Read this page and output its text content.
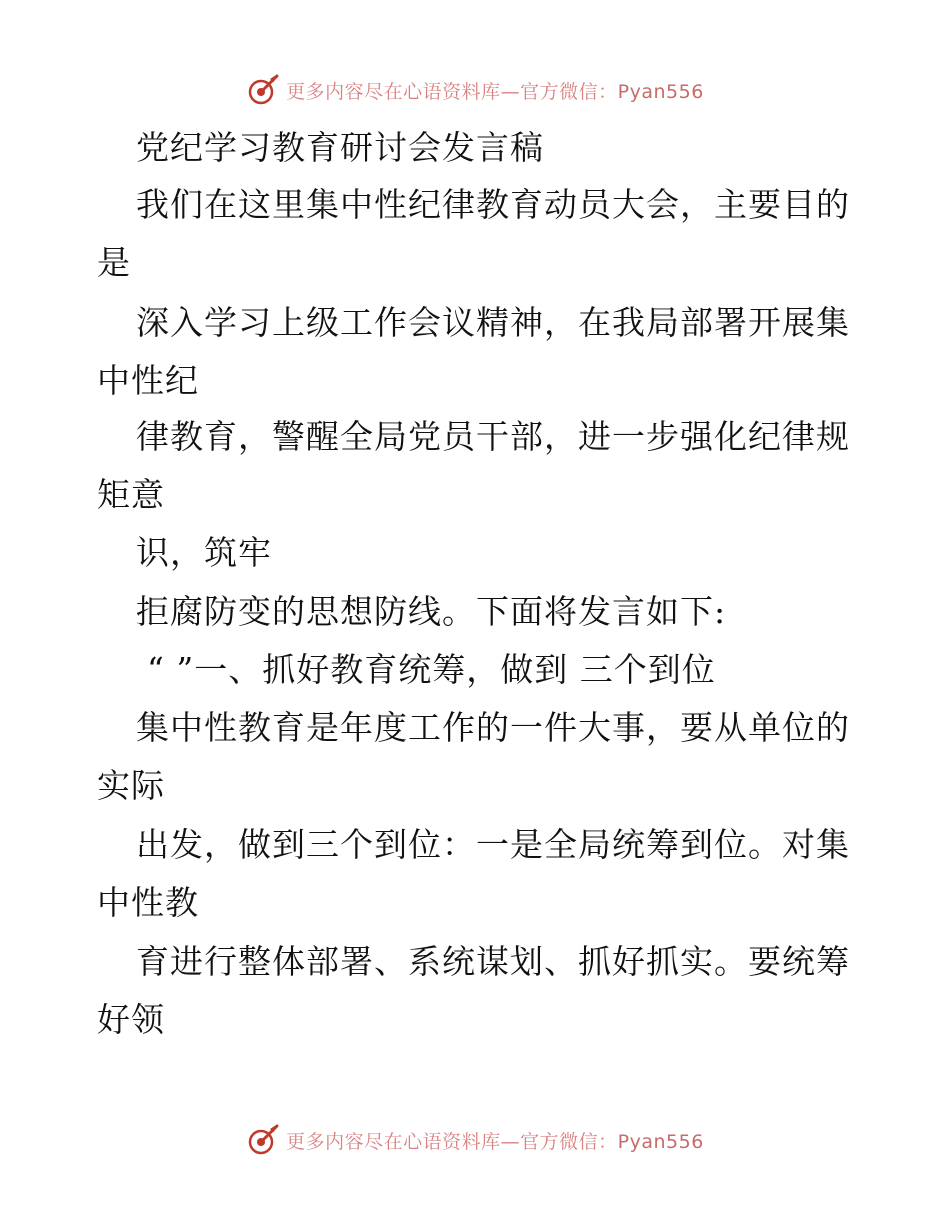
更多内容尽在心语资料库—官方微信：Pyan556
党纪学习教育研讨会发言稿
我们在这里集中性纪律教育动员大会，主要目的
是
深入学习上级工作会议精神，在我局部署开展集
中性纪
律教育，警醒全局党员干部，进一步强化纪律规
矩意
识，筑牢
拒腐防变的思想防线。下面将发言如下:
“ ”一、抓好教育统筹，做到 三个到位
集中性教育是年度工作的一件大事，要从单位的
实际
出发，做到三个到位：一是全局统筹到位。对集
中性教
育进行整体部署、系统谋划、抓好抓实。要统筹
好领
更多内容尽在心语资料库—官方微信：Pyan556
